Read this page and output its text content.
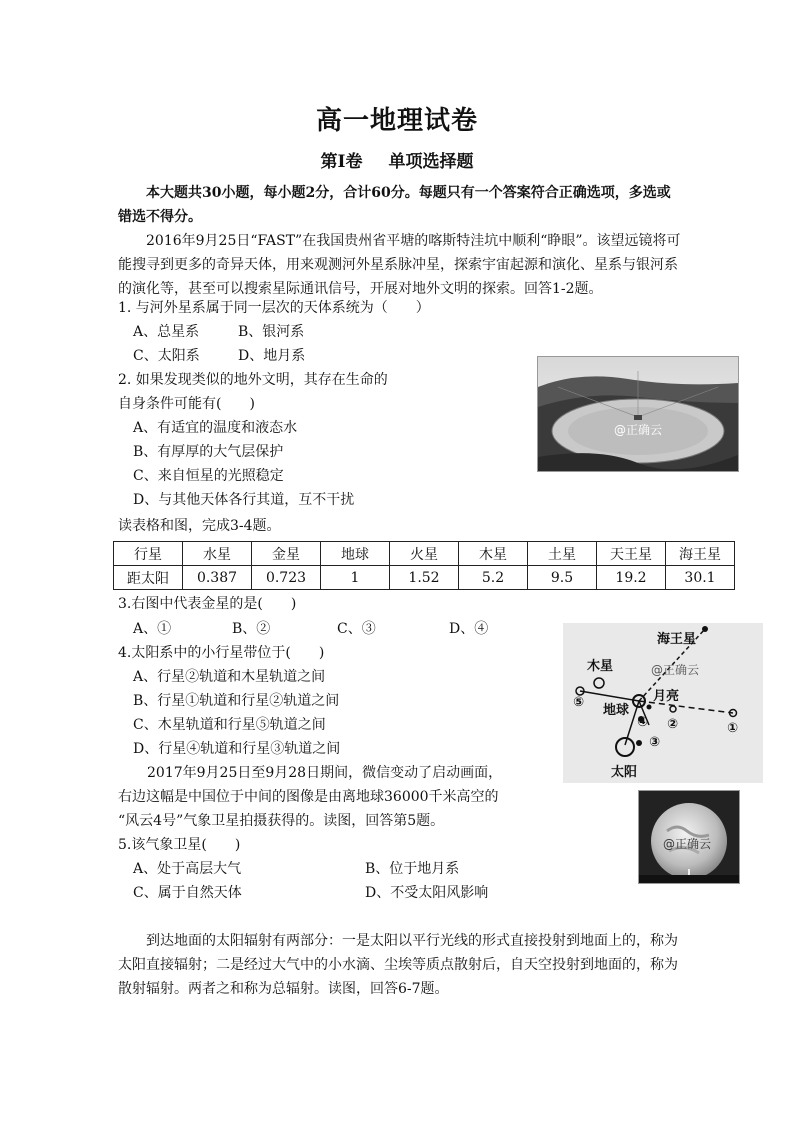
高一地理试卷
第Ⅰ卷 单项选择题
本大题共30小题，每小题2分，合计60分。每题只有一个答案符合正确选项，多选或错选不得分。
2016年9月25日“FAST”在我国贵州省平塘的喀斯特洼坑中顺利“睁眼”。该望远镜将可能搜寻到更多的奇异天体，用来观测河外星系脉冲星，探索宇宙起源和演化、星系与银河系的演化等，甚至可以搜索星际通讯信号，开展对地外文明的探索。回答1-2题。
1. 与河外星系属于同一层次的天体系统为（　　）
A、总星系	B、银河系
C、太阳系	D、地月系
2. 如果发现类似的地外文明，其存在生命的
自身条件可能有(　　)
A、有适宜的温度和液态水
B、有厚厚的大气层保护
C、来自恒星的光照稳定
D、与其他天体各行其道，互不干扰
@正确云
读表格和图，完成3-4题。
行星	水星	金星	地球	火星	木星	土星	天王星	海王星
距太阳	0.387	0.723	1	1.52	5.2	9.5	19.2	30.1
3.右图中代表金星的是(　　)
A、①	B、②	C、③	D、④
4.太阳系中的小行星带位于(　　)
A、行星②轨道和木星轨道之间
B、行星①轨道和行星②轨道之间
C、木星轨道和行星⑤轨道之间
D、行星④轨道和行星③轨道之间
海王星
木星	@正确云
月亮
地球
太阳
⑤
④ ②	①
③
2017年9月25日至9月28日期间，微信变动了启动画面，
右边这幅是中国位于中间的图像是由离地球36000千米高空的
“风云4号”气象卫星拍摄获得的。读图，回答第5题。
@正确云
5.该气象卫星(　　)
A、处于高层大气	B、位于地月系
C、属于自然天体	D、不受太阳风影响
到达地面的太阳辐射有两部分：一是太阳以平行光线的形式直接投射到地面上的，称为太阳直接辐射；二是经过大气中的小水滴、尘埃等质点散射后，自天空投射到地面的，称为散射辐射。两者之和称为总辐射。读图，回答6-7题。
